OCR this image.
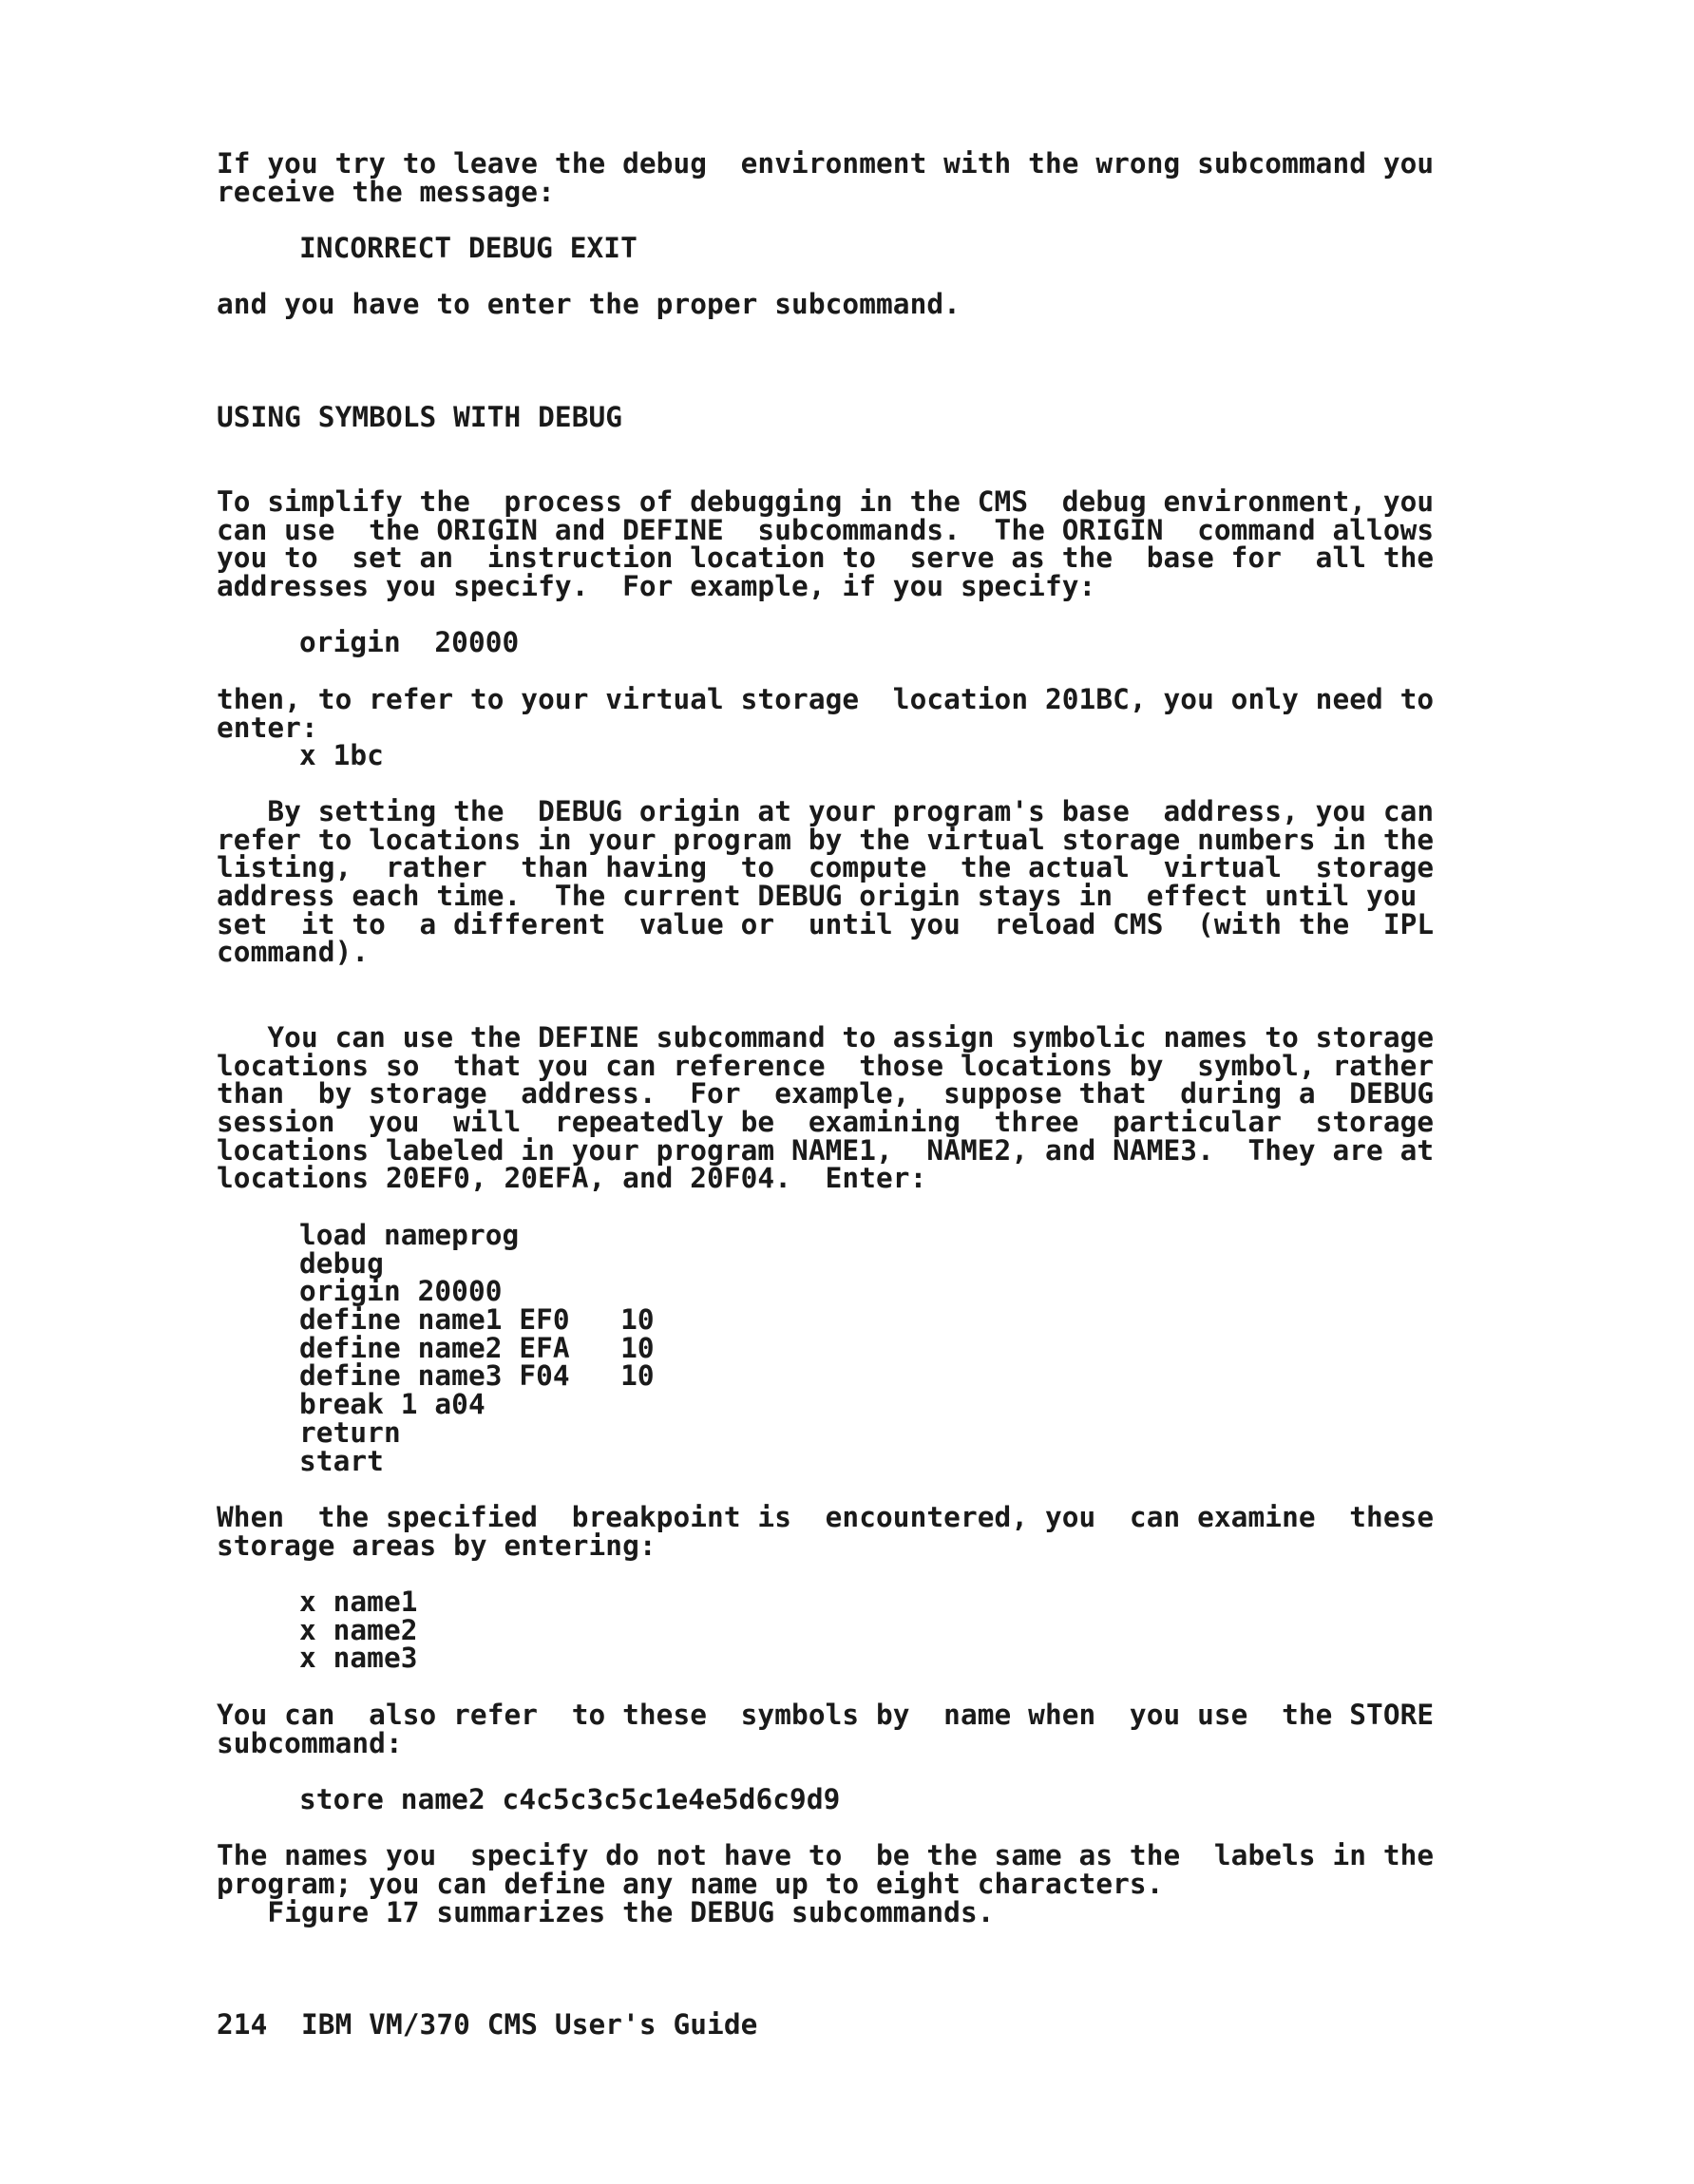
If you try to leave the debug  environment with the wrong subcommand you
receive the message:
INCORRECT DEBUG EXIT
and you have to enter the proper subcommand.
USING SYMBOLS WITH DEBUG
To simplify the  process of debugging in the CMS  debug environment, you
can use  the ORIGIN and DEFINE  subcommands.  The ORIGIN  command allows
you to  set an  instruction location to  serve as the  base for  all the
addresses you specify.  For example, if you specify:
origin  20000
then, to refer to your virtual storage  location 201BC, you only need to
enter:
x 1bc
By setting the  DEBUG origin at your program's base  address, you can
refer to locations in your program by the virtual storage numbers in the
listing,  rather  than having  to  compute  the actual  virtual  storage
address each time.  The current DEBUG origin stays in  effect until you
set  it to  a different  value or  until you  reload CMS  (with the  IPL
command).
You can use the DEFINE subcommand to assign symbolic names to storage
locations so  that you can reference  those locations by  symbol, rather
than  by storage  address.  For  example,  suppose that  during a  DEBUG
session  you  will  repeatedly be  examining  three  particular  storage
locations labeled in your program NAME1,  NAME2, and NAME3.  They are at
locations 20EF0, 20EFA, and 20F04.  Enter:
load nameprog
debug
origin 20000
define name1 EF0   10
define name2 EFA   10
define name3 F04   10
break 1 a04
return
start
When  the specified  breakpoint is  encountered, you  can examine  these
storage areas by entering:
x name1
x name2
x name3
You can  also refer  to these  symbols by  name when  you use  the STORE
subcommand:
store name2 c4c5c3c5c1e4e5d6c9d9
The names you  specify do not have to  be the same as the  labels in the
program; you can define any name up to eight characters.
Figure 17 summarizes the DEBUG subcommands.
214  IBM VM/370 CMS User's Guide
